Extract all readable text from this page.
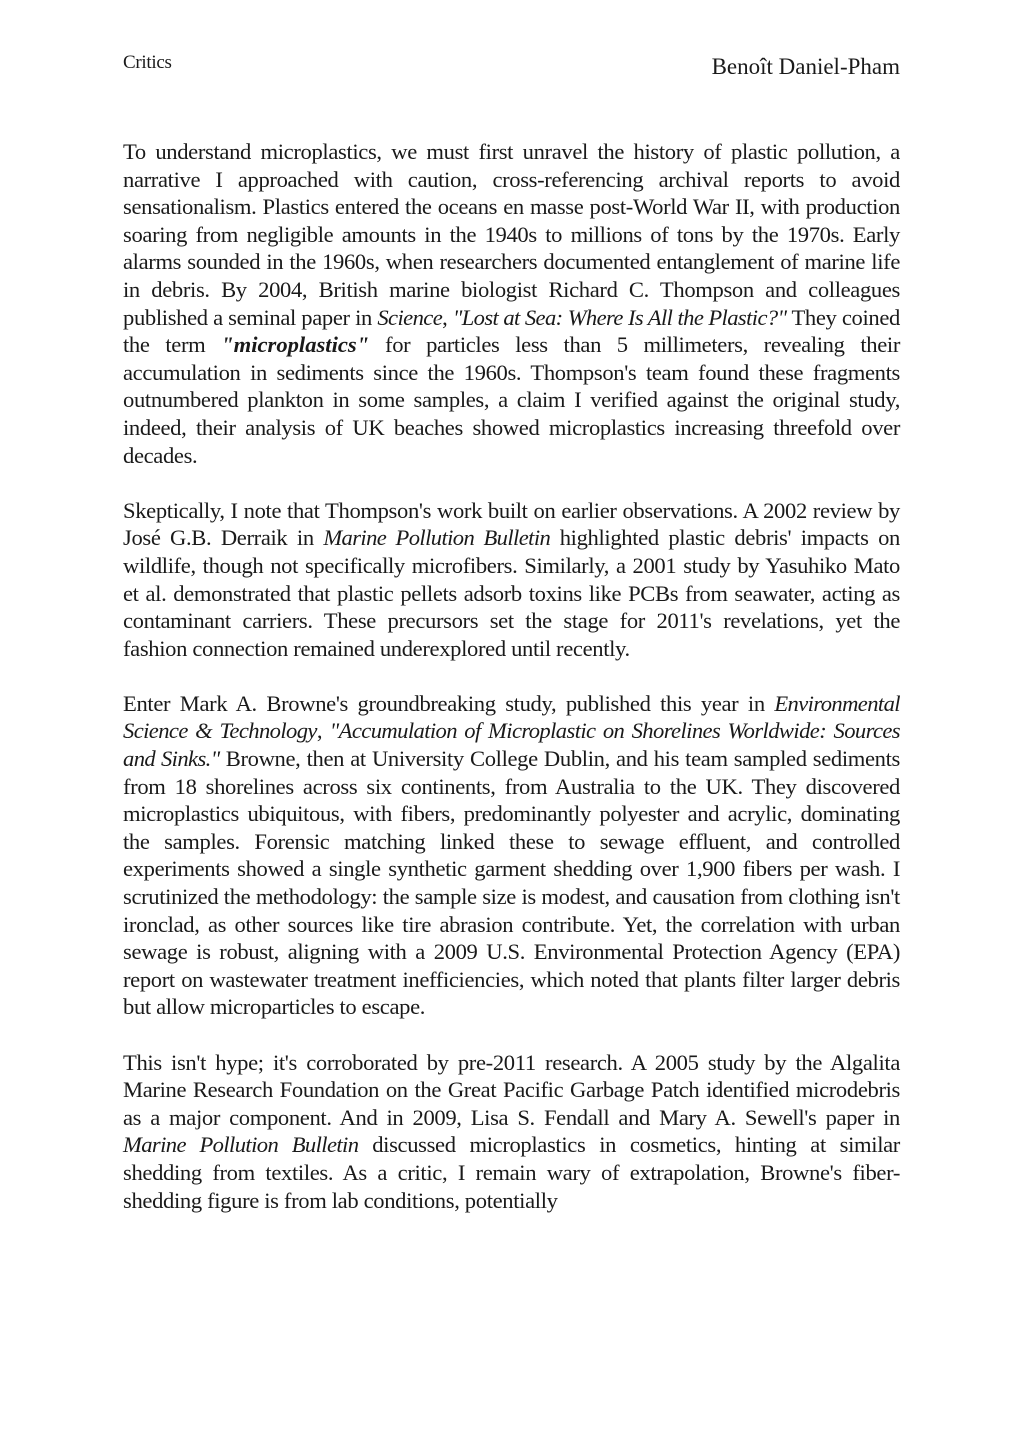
Critics	Benoît Daniel-Pham

To understand microplastics, we must first unravel the history of plastic pollution, a narrative I approached with caution, cross-referencing archival reports to avoid sensationalism. Plastics entered the oceans en masse post-World War II, with production soaring from negligible amounts in the 1940s to millions of tons by the 1970s. Early alarms sounded in the 1960s, when researchers documented entanglement of marine life in debris. By 2004, British marine biologist Richard C. Thompson and colleagues published a seminal paper in Science, "Lost at Sea: Where Is All the Plastic?" They coined the term "microplastics" for particles less than 5 millimeters, revealing their accumulation in sediments since the 1960s. Thompson's team found these fragments outnumbered plankton in some samples, a claim I verified against the original study, indeed, their analysis of UK beaches showed microplastics increasing threefold over decades.

Skeptically, I note that Thompson's work built on earlier observations. A 2002 review by José G.B. Derraik in Marine Pollution Bulletin highlighted plastic debris' impacts on wildlife, though not specifically microfibers. Similarly, a 2001 study by Yasuhiko Mato et al. demonstrated that plastic pellets adsorb toxins like PCBs from seawater, acting as contaminant carriers. These precursors set the stage for 2011's revelations, yet the fashion connection remained underexplored until recently.

Enter Mark A. Browne's groundbreaking study, published this year in Environmental Science & Technology, "Accumulation of Microplastic on Shorelines Worldwide: Sources and Sinks." Browne, then at University College Dublin, and his team sampled sediments from 18 shorelines across six continents, from Australia to the UK. They discovered microplastics ubiquitous, with fibers, predominantly polyester and acrylic, dominating the samples. Forensic matching linked these to sewage effluent, and controlled experiments showed a single synthetic garment shedding over 1,900 fibers per wash. I scrutinized the methodology: the sample size is modest, and causation from clothing isn't ironclad, as other sources like tire abrasion contribute. Yet, the correlation with urban sewage is robust, aligning with a 2009 U.S. Environmental Protection Agency (EPA) report on wastewater treatment inefficiencies, which noted that plants filter larger debris but allow microparticles to escape.

This isn't hype; it's corroborated by pre-2011 research. A 2005 study by the Algalita Marine Research Foundation on the Great Pacific Garbage Patch identified microdebris as a major component. And in 2009, Lisa S. Fendall and Mary A. Sewell's paper in Marine Pollution Bulletin discussed microplastics in cosmetics, hinting at similar shedding from textiles. As a critic, I remain wary of extrapolation, Browne's fiber-shedding figure is from lab conditions, potentially
